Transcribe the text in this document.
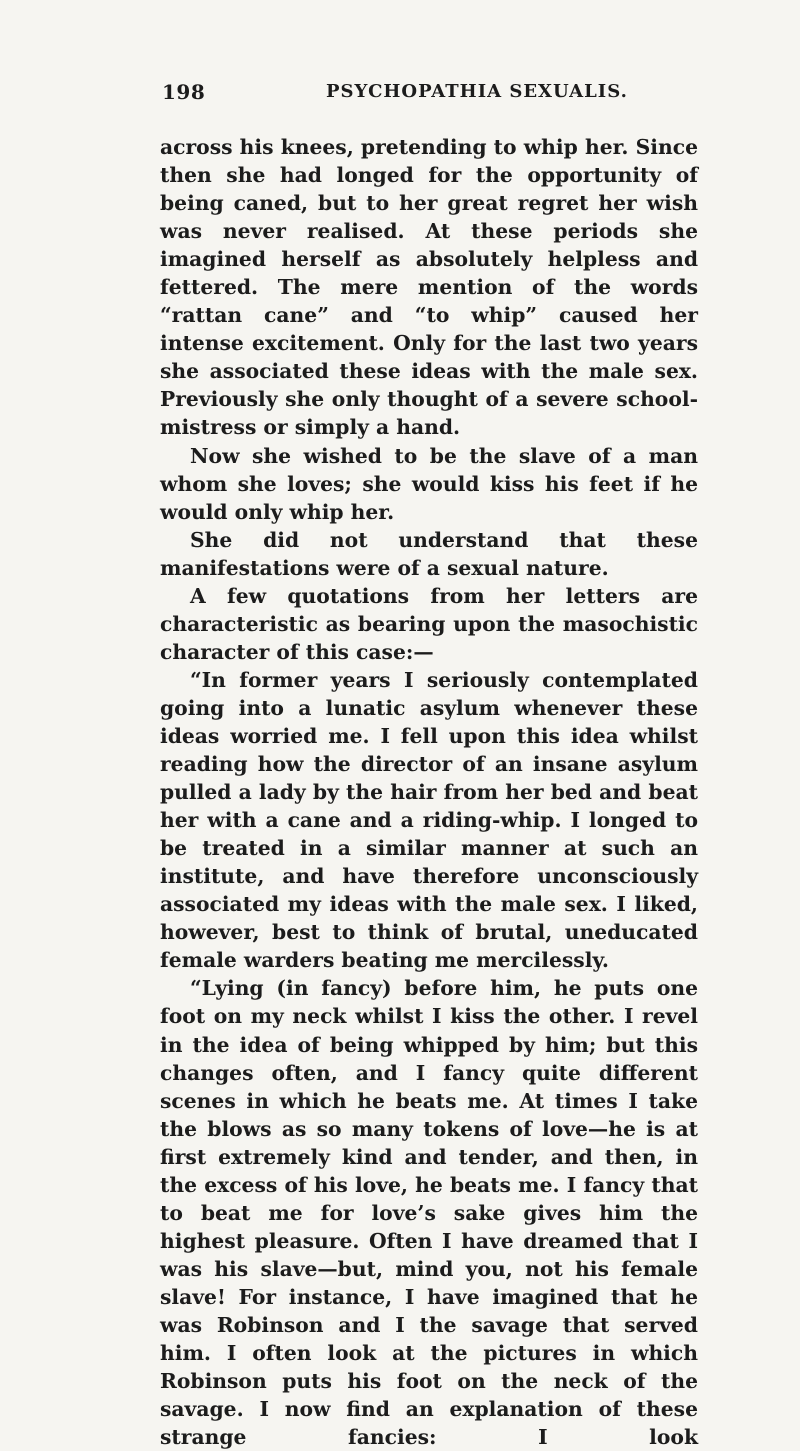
198	PSYCHOPATHIA SEXUALIS.

across his knees, pretending to whip her. Since then she had longed for the opportunity of being caned, but to her great regret her wish was never realised. At these periods she imagined herself as absolutely helpless and fettered. The mere mention of the words “rattan cane” and “to whip” caused her intense excitement. Only for the last two years she associated these ideas with the male sex. Previously she only thought of a severe school-mistress or simply a hand.

Now she wished to be the slave of a man whom she loves; she would kiss his feet if he would only whip her.

She did not understand that these manifestations were of a sexual nature.

A few quotations from her letters are characteristic as bearing upon the masochistic character of this case:—

“In former years I seriously contemplated going into a lunatic asylum whenever these ideas worried me. I fell upon this idea whilst reading how the director of an insane asylum pulled a lady by the hair from her bed and beat her with a cane and a riding-whip. I longed to be treated in a similar manner at such an institute, and have therefore unconsciously associated my ideas with the male sex. I liked, however, best to think of brutal, uneducated female warders beating me mercilessly.

“Lying (in fancy) before him, he puts one foot on my neck whilst I kiss the other. I revel in the idea of being whipped by him; but this changes often, and I fancy quite different scenes in which he beats me. At times I take the blows as so many tokens of love—he is at first extremely kind and tender, and then, in the excess of his love, he beats me. I fancy that to beat me for love’s sake gives him the highest pleasure. Often I have dreamed that I was his slave—but, mind you, not his female slave! For instance, I have imagined that he was Robinson and I the savage that served him. I often look at the pictures in which Robinson puts his foot on the neck of the savage. I now find an explanation of these strange fancies: I look
